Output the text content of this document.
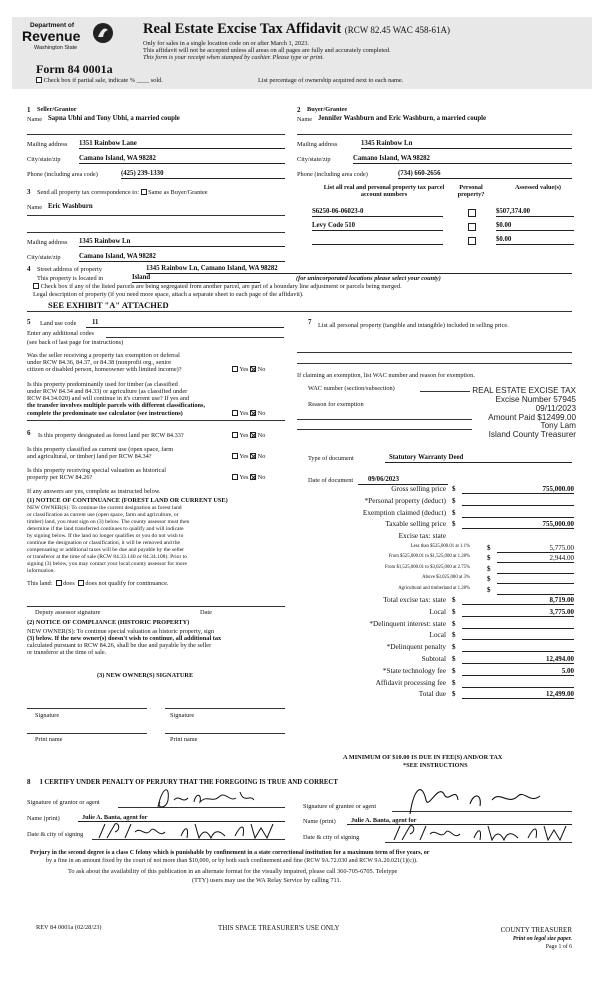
Department of
Revenue
Washington State
Real Estate Excise Tax Affidavit (RCW 82.45 WAC 458-61A)
Only for sales in a single location code on or after March 1, 2023.
This affidavit will not be accepted unless all areas on all pages are fully and accurately completed.
This form is your receipt when stamped by cashier. Please type or print.
Form 84 0001a
Check box if partial sale, indicate % ____ sold.	List percentage of ownership acquired next to each name.
1 Seller/Grantor
Name Sapna Ubhi and Tony Ubhi, a married couple
Mailing address 1351 Rainbow Lane
City/state/zip	Camano Island, WA 98282
Phone (including area code)	(425) 239-1330
2 Buyer/Grantee
Name Jennifer Washburn and Eric Washburn, a married couple
Mailing address	1345 Rainbow Ln
City/state/zip	Camano Island, WA 98282
Phone (including area code)	(734) 660-2656
3 Send all property tax correspondence to: Same as Buyer/Grantee
Name Eric Washburn
Mailing address 1345 Rainbow Ln
City/state/zip	Camano Island, WA 98282
List all real and personal property tax parcel account numbers
Personal property?
Assessed value(s)
S6250-06-06023-0	$507,374.00
Levy Code 510	$0.00
$0.00
4 Street address of property	1345 Rainbow Ln, Camano Island, WA 98282
This property is located in	Island	(for unincorporated locations please select your county)
Check box if any of the listed parcels are being segregated from another parcel, are part of a boundary line adjustment or parcels being merged.
Legal description of property (if you need more space, attach a separate sheet to each page of the affidavit).
SEE EXHIBIT "A" ATTACHED
5 Land use code	11
Enter any additional codes
(see back of last page for instructions)
Was the seller receiving a property tax exemption or deferral
under RCW 84.36, 84.37, or 84.38 (nonprofit org., senior
citizen or disabled person, homeowner with limited income)?	Yes No
Is this property predominantly used for timber (as classified
under RCW 84.34 and 84.33) or agriculture (as classified under
RCW 84.34.020) and will continue in it's current use? If yes and
the transfer involves multiple parcels with different classifications,
complete the predominate use calculator (see instructions)	Yes No
6 Is this property designated as forest land per RCW 84.33?	Yes No
Is this property classified as current use (open space, farm
and agricultural, or timber) land per RCW 84.34?	Yes No
Is this property receiving special valuation as historical
property per RCW 84.26?	Yes No
If any answers are yes, complete as instructed below.
(1) NOTICE OF CONTINUANCE (FOREST LAND OR CURRENT USE)
NEW OWNER(S): To continue the current designation as forest land
or classification as current use (open space, farm and agriculture, or
timber) land, you must sign on (3) below. The county assessor must then
determine if the land transferred continues to qualify and will indicate
by signing below. If the land no longer qualifies or you do not wish to
continue the designation or classification, it will be removed and the
compensating or additional taxes will be due and payable by the seller
or transferor at the time of sale (RCW 84.33.140 or 84.34.108). Prior to
signing (3) below, you may contact your local county assessor for more
information.
This land: does does not qualify for continuance.
Deputy assessor signature	Date
(2) NOTICE OF COMPLIANCE (HISTORIC PROPERTY)
NEW OWNER(S): To continue special valuation as historic property, sign
(3) below. If the new owner(s) doesn't wish to continue, all additional tax
calculated pursuant to RCW 84.26, shall be due and payable by the seller
or transferor at the time of sale.
(3) NEW OWNER(S) SIGNATURE
Signature	Signature
Print name	Print name
7 List all personal property (tangible and intangible) included in selling price.
If claiming an exemption, list WAC number and reason for exemption.
WAC number (section/subsection)
Reason for exemption
REAL ESTATE EXCISE TAX
Excise Number 57945
09/11/2023
Amount Paid $12499.00
Tony Lam
Island County Treasurer
Type of document	Statutory Warranty Deed
Date of document	09/06/2023
$
Gross selling price	755,000.00
$
*Personal property (deduct)
$
Exemption claimed (deduct)
$
Taxable selling price	755,000.00
Excise tax: state
$
Less than $525,000.01 at 1.1%	5,775.00
$
From $525,000.01 to $1,525,000 at 1.28%	2,944.00
$
From $1,525,000.01 to $3,025,000 at 2.75%
$
Above $3,025,000 at 3%
$
Agricultural and timberland at 1.28%
$
Total excise tax: state	8,719.00
$
Local	3,775.00
$
*Delinquent interest: state
$
Local
$
*Delinquent penalty
$
Subtotal	12,494.00
$
*State technology fee	5.00
$
Affidavit processing fee
$
Total due	12,499.00
A MINIMUM OF $10.00 IS DUE IN FEE(S) AND/OR TAX
*SEE INSTRUCTIONS
8 I CERTIFY UNDER PENALTY OF PERJURY THAT THE FOREGOING IS TRUE AND CORRECT
Signature of grantor or agent
Signature of grantee or agent
Name (print)	Julie A. Banta, agent for
Name (print)	Julie A. Banta, agent for
Date & city of signing	Date & city of signing
Perjury in the second degree is a class C felony which is punishable by confinement in a state correctional institution for a maximum term of five years, or
by a fine in an amount fixed by the court of not more than $10,000, or by both such confinement and fine (RCW 9A.72.030 and RCW 9A.20.021(1)(c)).
To ask about the availability of this publication in an alternate format for the visually impaired, please call 360-705-6705. Teletype
(TTY) users may use the WA Relay Service by calling 711.
REV 84 0001a (02/28/23)	THIS SPACE TREASURER'S USE ONLY	COUNTY TREASURER
Print on legal size paper.
Page 1 of 6
